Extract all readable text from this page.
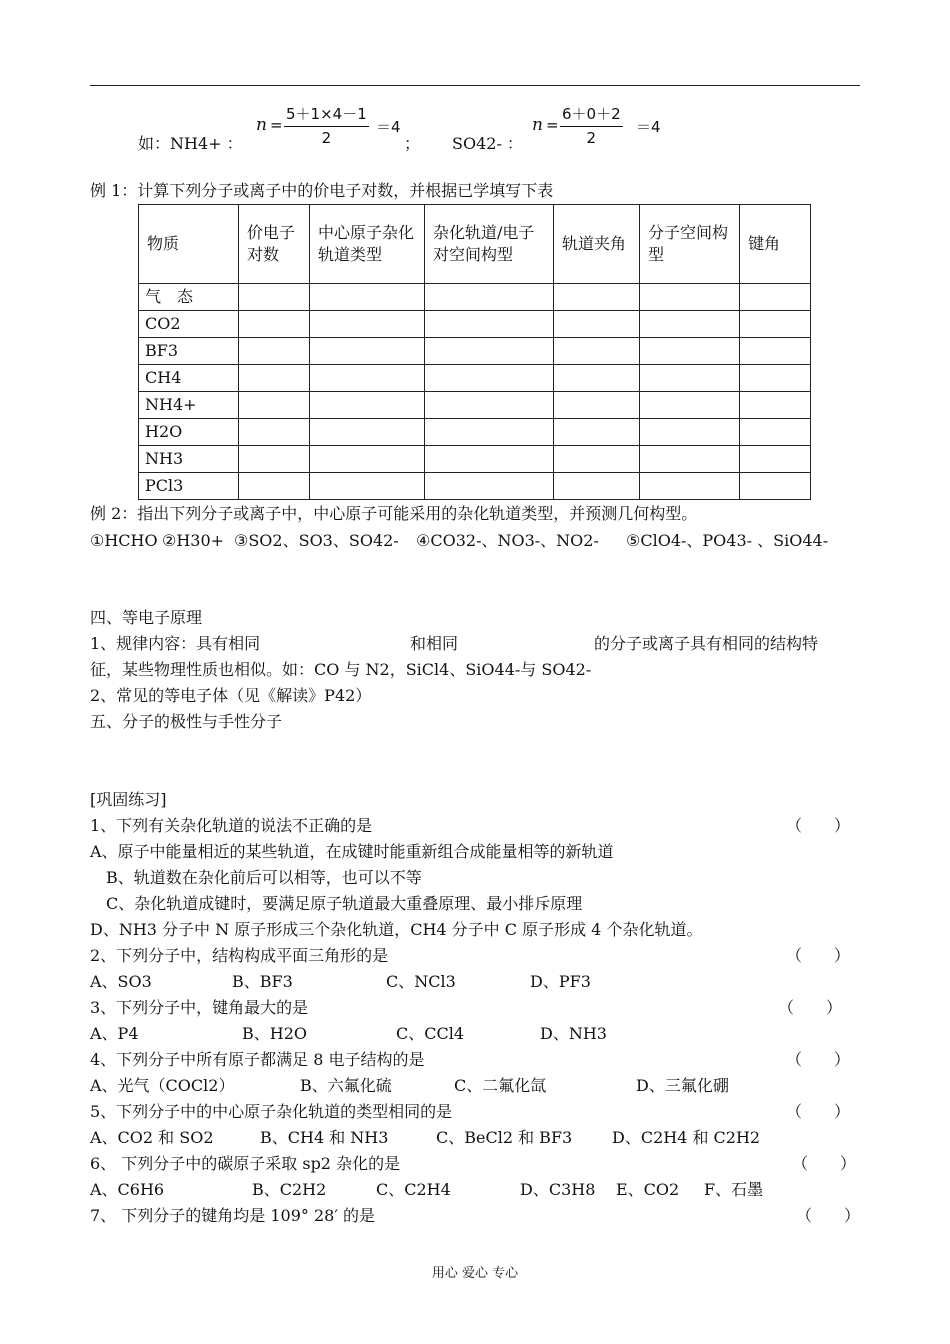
$n = \frac{5+1\times 4-1}{2} =4$	$n = \frac{6+0+2}{2} =4$
如：NH4+ ：	； SO42- ：
例 1：计算下列分子或离子中的价电子对数，并根据已学填写下表
物质	价电子对数	中心原子杂化轨道类型	杂化轨道/电子对空间构型	轨道夹角	分子空间构型	键角
气　态						
CO2						
BF3						
CH4						
NH4+						
H2O						
NH3						
PCl3						
例 2：指出下列分子或离子中，中心原子可能采用的杂化轨道类型，并预测几何构型。
①HCHO ②H30+ ③SO2、SO3、SO42- ④CO32-、NO3-、NO2- ⑤ClO4-、PO43- 、SiO44-
四、等电子原理
1、规律内容：具有相同	和相同	的分子或离子具有相同的结构特
征，某些物理性质也相似。如：CO 与 N2，SiCl4、SiO44-与 SO42-
2、常见的等电子体（见《解读》P42）
五、分子的极性与手性分子
[巩固练习]
1、下列有关杂化轨道的说法不正确的是	（　　）
A、原子中能量相近的某些轨道，在成键时能重新组合成能量相等的新轨道
B、轨道数在杂化前后可以相等，也可以不等
C、杂化轨道成键时，要满足原子轨道最大重叠原理、最小排斥原理
D、NH3 分子中 N 原子形成三个杂化轨道，CH4 分子中 C 原子形成 4 个杂化轨道。
2、下列分子中，结构构成平面三角形的是	（　　）
A、SO3	B、BF3	C、NCl3	D、PF3
3、下列分子中，键角最大的是	（　　）
A、P4	B、H2O	C、CCl4	D、NH3
4、下列分子中所有原子都满足 8 电子结构的是	（　　）
A、光气（COCl2）	B、六氟化硫	C、二氟化氙	D、三氟化硼
5、下列分子中的中心原子杂化轨道的类型相同的是	（　　）
A、CO2 和 SO2	B、CH4 和 NH3	C、BeCl2 和 BF3 D、C2H4 和 C2H2
6、 下列分子中的碳原子采取 sp2 杂化的是	（　　）
A、C6H6	B、C2H2	C、C2H4	D、C3H8 E、CO2 F、石墨
7、 下列分子的键角均是 109° 28′ 的是	（　　）
用心 爱心 专心
